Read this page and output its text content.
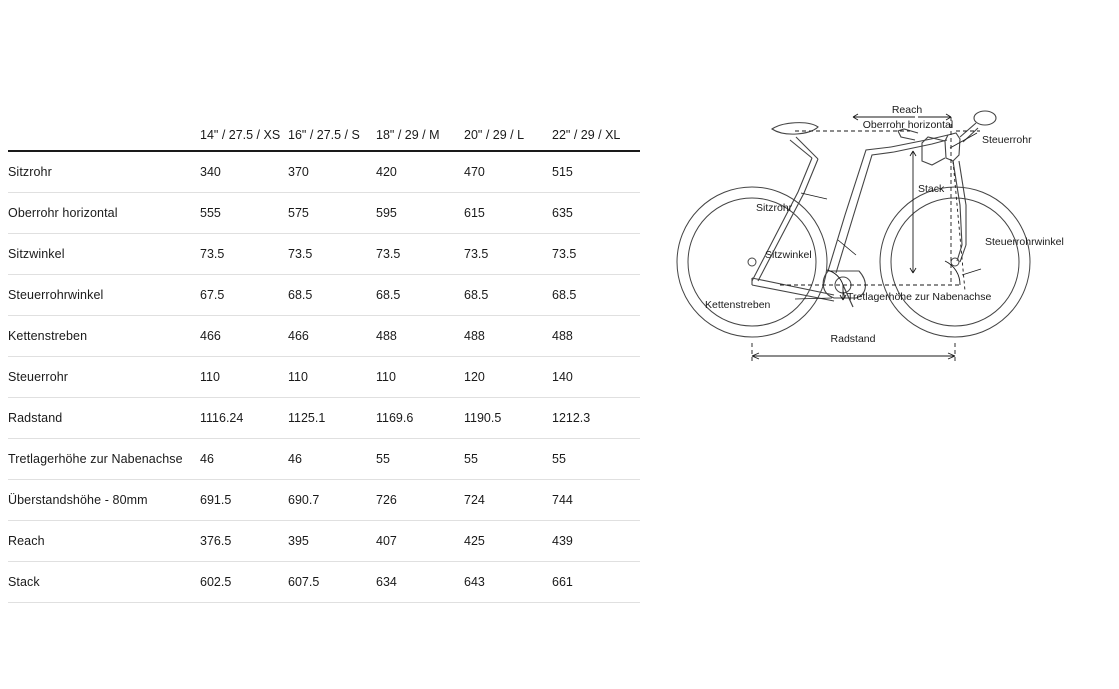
	14" / 27.5 / XS	16" / 27.5 / S	18" / 29 / M	20" / 29 / L	22" / 29 / XL
Sitzrohr	340	370	420	470	515
Oberrohr horizontal	555	575	595	615	635
Sitzwinkel	73.5	73.5	73.5	73.5	73.5
Steuerrohrwinkel	67.5	68.5	68.5	68.5	68.5
Kettenstreben	466	466	488	488	488
Steuerrohr	110	110	110	120	140
Radstand	1116.24	1125.1	1169.6	1190.5	1212.3
Tretlagerhöhe zur Nabenachse	46	46	55	55	55
Überstandshöhe - 80mm	691.5	690.7	726	724	744
Reach	376.5	395	407	425	439
Stack	602.5	607.5	634	643	661
Reach
Oberrohr horizontal
Steuerrohr
Stack
Sitzrohr
Steuerrohrwinkel
Sitzwinkel
Kettenstreben
Tretlagerhöhe zur Nabenachse
Radstand
